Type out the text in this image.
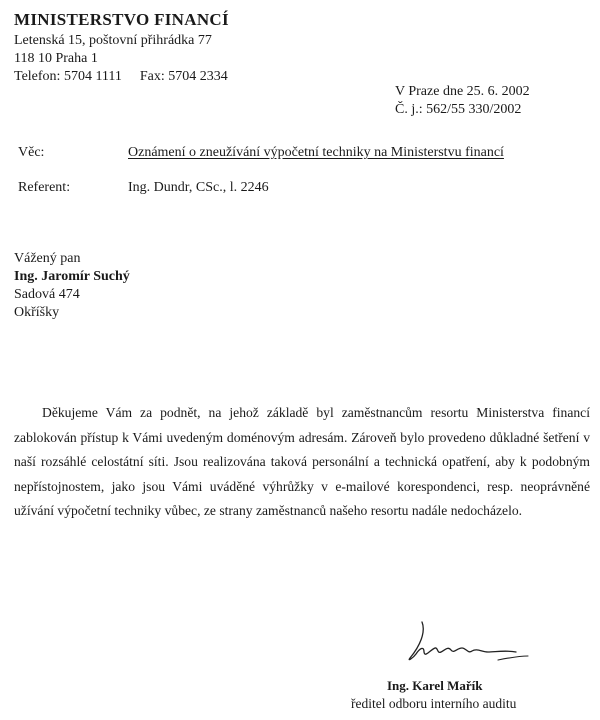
MINISTERSTVO FINANCÍ
Letenská 15, poštovní přihrádka 77
118 10 Praha 1
Telefon: 5704 1111 Fax: 5704 2334
V Praze dne 25. 6. 2002
Č. j.: 562/55 330/2002
Věc:	Oznámení o zneužívání výpočetní techniky na Ministerstvu financí
Referent:	Ing. Dundr, CSc., l. 2246
Vážený pan
Ing. Jaromír Suchý
Sadová 474
Okříšky

Děkujeme Vám za podnět, na jehož základě byl zaměstnancům resortu Ministerstva financí zablokován přístup k Vámi uvedeným doménovým adresám. Zároveň bylo provedeno důkladné šetření v naší rozsáhlé celostátní síti. Jsou realizována taková personální a technická opatření, aby k podobným nepřístojnostem, jako jsou Vámi uváděné výhrůžky v e-mailové korespondenci, resp. neoprávněné užívání výpočetní techniky vůbec, ze strany zaměstnanců našeho resortu nadále nedocházelo.

Ing. Karel Mařík
ředitel odboru interního auditu
